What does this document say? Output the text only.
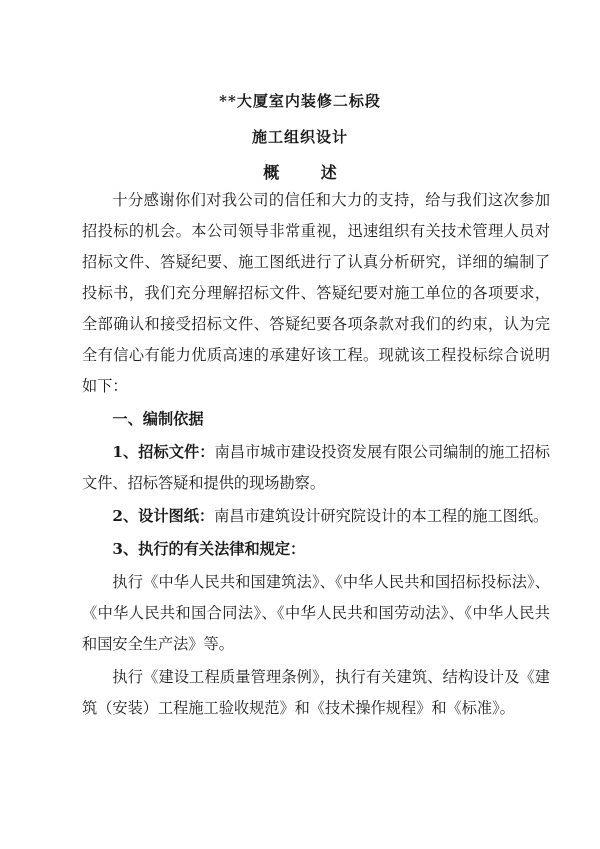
**大厦室内装修二标段
施工组织设计
概 述

十分感谢你们对我公司的信任和大力的支持，给与我们这次参加招投标的机会。本公司领导非常重视，迅速组织有关技术管理人员对招标文件、答疑纪要、施工图纸进行了认真分析研究，详细的编制了投标书，我们充分理解招标文件、答疑纪要对施工单位的各项要求，全部确认和接受招标文件、答疑纪要各项条款对我们的约束，认为完全有信心有能力优质高速的承建好该工程。现就该工程投标综合说明如下：

一、编制依据

1、招标文件：南昌市城市建设投资发展有限公司编制的施工招标文件、招标答疑和提供的现场勘察。

2、设计图纸：南昌市建筑设计研究院设计的本工程的施工图纸。

3、执行的有关法律和规定：

执行《中华人民共和国建筑法》、《中华人民共和国招标投标法》、《中华人民共和国合同法》、《中华人民共和国劳动法》、《中华人民共和国安全生产法》等。

执行《建设工程质量管理条例》，执行有关建筑、结构设计及《建筑（安装）工程施工验收规范》和《技术操作规程》和《标准》。
